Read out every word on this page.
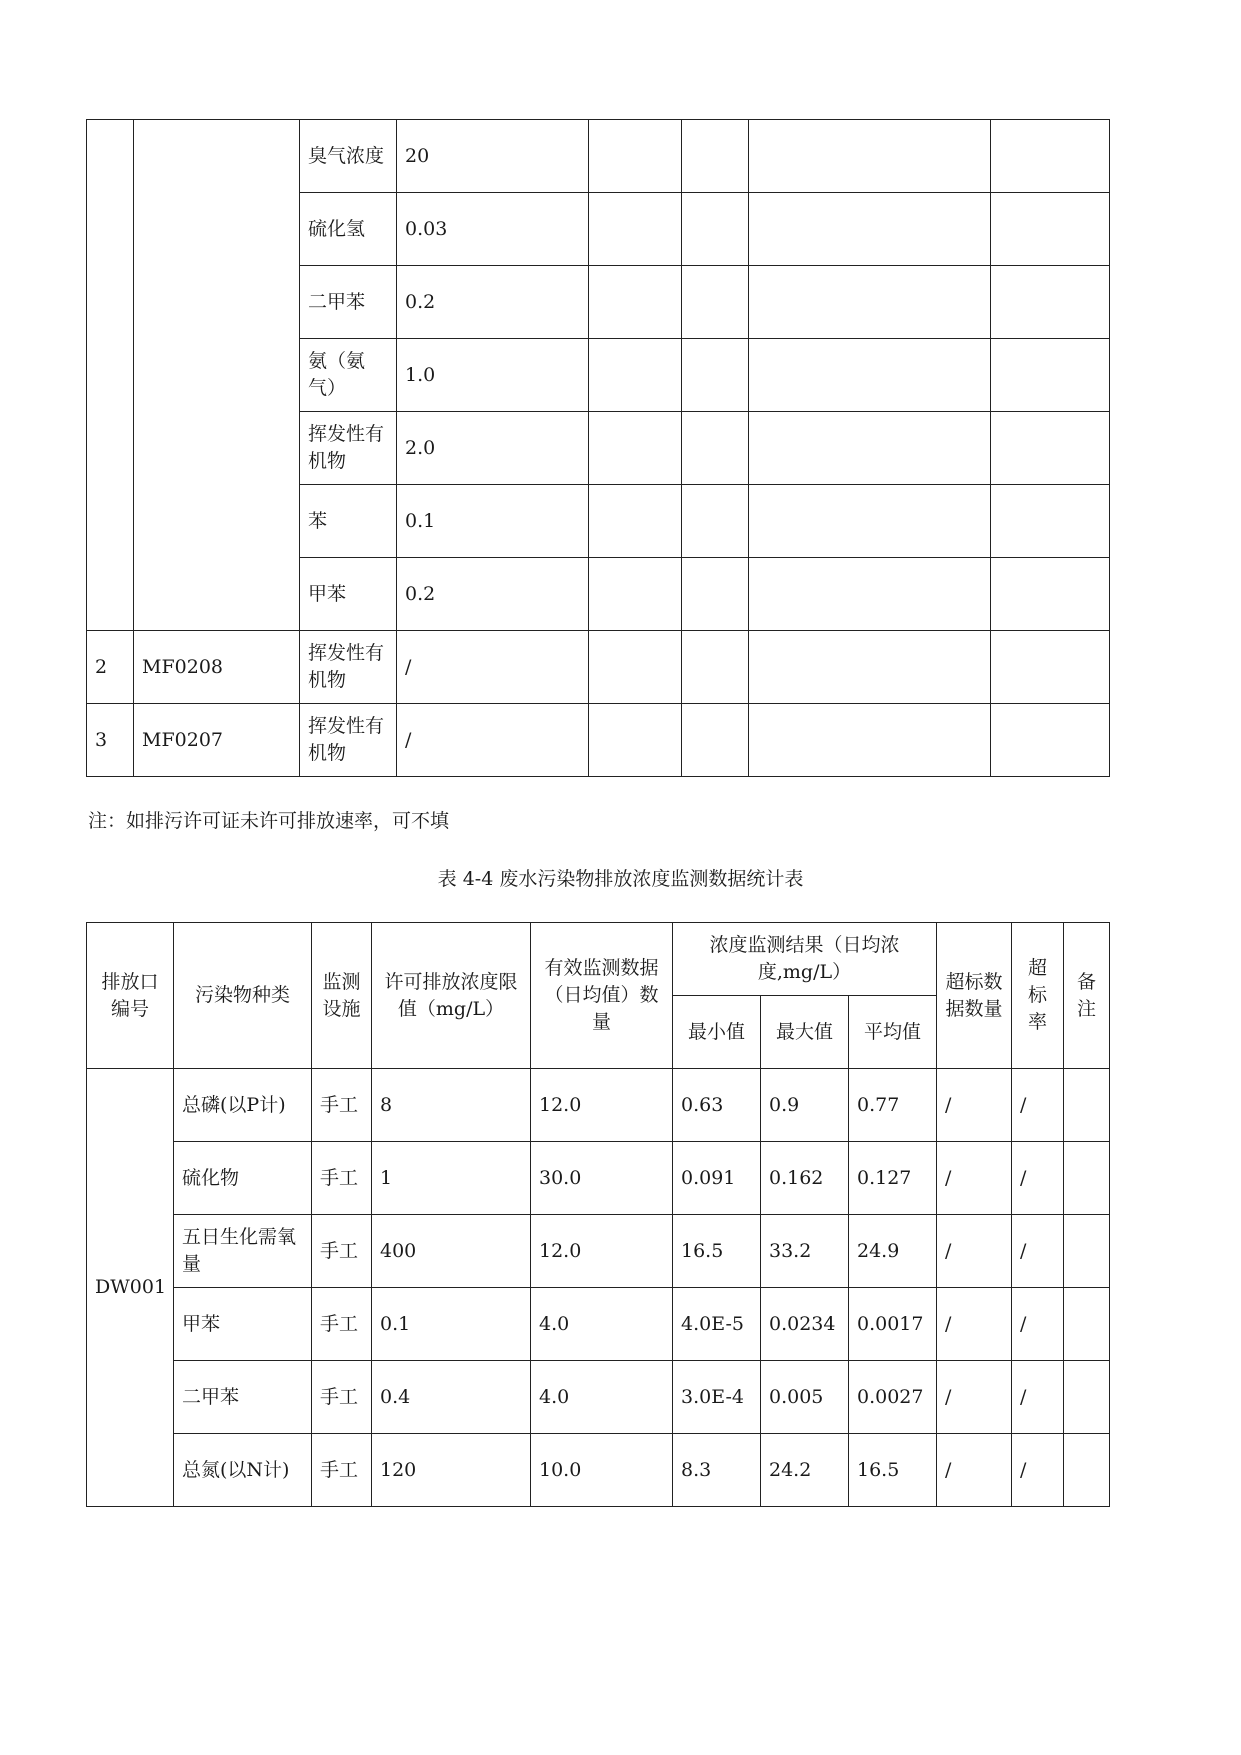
		臭气浓度	20				
		硫化氢	0.03				
		二甲苯	0.2				
		氨（氨气）	1.0				
		挥发性有机物	2.0				
		苯	0.1				
		甲苯	0.2				
2	MF0208	挥发性有机物	/				
3	MF0207	挥发性有机物	/				
注：如排污许可证未许可排放速率，可不填
表 4-4 废水污染物排放浓度监测数据统计表
排放口编号	污染物种类	监测设施	许可排放浓度限值（mg/L）	有效监测数据（日均值）数量	浓度监测结果（日均浓度,mg/L）			超标数据数量	超标率	备注
					最小值	最大值	平均值			
DW001	总磷(以P计)	手工	8	12.0	0.63	0.9	0.77	/	/	
	硫化物	手工	1	30.0	0.091	0.162	0.127	/	/	
	五日生化需氧量	手工	400	12.0	16.5	33.2	24.9	/	/	
	甲苯	手工	0.1	4.0	4.0E-5	0.0234	0.0017	/	/	
	二甲苯	手工	0.4	4.0	3.0E-4	0.005	0.0027	/	/	
	总氮(以N计)	手工	120	10.0	8.3	24.2	16.5	/	/	
